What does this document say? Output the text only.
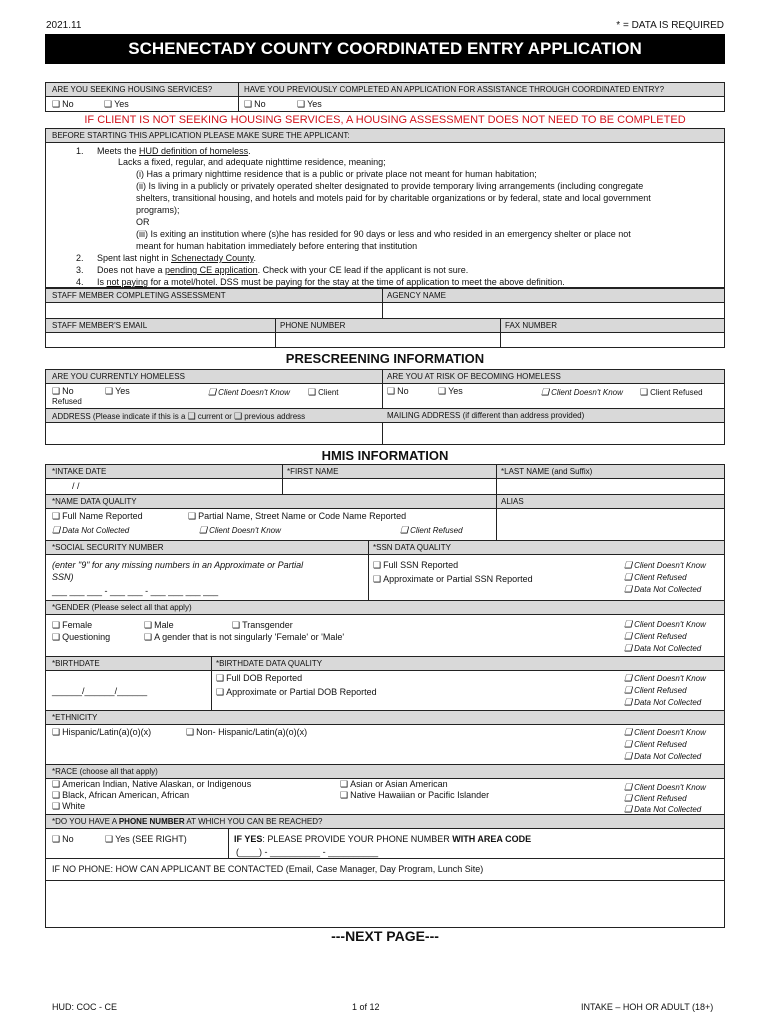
2021.11	* = DATA IS REQUIRED
SCHENECTADY COUNTY COORDINATED ENTRY APPLICATION
ARE YOU SEEKING HOUSING SERVICES?	HAVE YOU PREVIOUSLY COMPLETED AN APPLICATION FOR ASSISTANCE THROUGH COORDINATED ENTRY?
❑ No	❑ Yes	❑ No	❑ Yes
IF CLIENT IS NOT SEEKING HOUSING SERVICES, A HOUSING ASSESSMENT DOES NOT NEED TO BE COMPLETED
BEFORE STARTING THIS APPLICATION PLEASE MAKE SURE THE APPLICANT:
1. Meets the HUD definition of homeless.
Lacks a fixed, regular, and adequate nighttime residence, meaning;
(i) Has a primary nighttime residence that is a public or private place not meant for human habitation;
(ii) Is living in a publicly or privately operated shelter designated to provide temporary living arrangements (including congregate
shelters, transitional housing, and hotels and motels paid for by charitable organizations or by federal, state and local government
programs);
OR
(iii) Is exiting an institution where (s)he has resided for 90 days or less and who resided in an emergency shelter or place not
meant for human habitation immediately before entering that institution
2. Spent last night in Schenectady County.
3. Does not have a pending CE application. Check with your CE lead if the applicant is not sure.
4. Is not paying for a motel/hotel. DSS must be paying for the stay at the time of application to meet the above definition.
STAFF MEMBER COMPLETING ASSESSMENT	AGENCY NAME
STAFF MEMBER'S EMAIL	PHONE NUMBER	FAX NUMBER
PRESCREENING INFORMATION
ARE YOU CURRENTLY HOMELESS	ARE YOU AT RISK OF BECOMING HOMELESS
❑ No	❑ Yes	❑ Client Doesn't Know	❑ Client
Refused
❑ No	❑ Yes	❑ Client Doesn't Know	❑ Client Refused
ADDRESS (Please indicate if this is a ❑ current or ❑ previous address	MAILING ADDRESS (if different than address provided)
HMIS INFORMATION
*INTAKE DATE	*FIRST NAME	*LAST NAME (and Suffix)
/ /
*NAME DATA QUALITY	ALIAS
❑ Full Name Reported	❑ Partial Name, Street Name or Code Name Reported
❑ Data Not Collected	❑ Client Doesn't Know	❑ Client Refused
*SOCIAL SECURITY NUMBER	*SSN DATA QUALITY
(enter "9" for any missing numbers in an Approximate or Partial
SSN)
___ ___ ___ - ___ ___ - ___ ___ ___ ___
❑ Full SSN Reported
❑ Approximate or Partial SSN Reported
❑ Client Doesn't Know
❑ Client Refused
❑ Data Not Collected
*GENDER (Please select all that apply)
❑ Female	❑ Male	❑ Transgender
❑ Questioning	❑ A gender that is not singularly 'Female' or 'Male'
❑ Client Doesn't Know
❑ Client Refused
❑ Data Not Collected
*BIRTHDATE	*BIRTHDATE DATA QUALITY
______/______/______
❑ Full DOB Reported
❑ Approximate or Partial DOB Reported
❑ Client Doesn't Know
❑ Client Refused
❑ Data Not Collected
*ETHNICITY
❑ Hispanic/Latin(a)(o)(x)	❑ Non- Hispanic/Latin(a)(o)(x)	❑ Client Doesn't Know
❑ Client Refused
❑ Data Not Collected
*RACE (choose all that apply)
❑ American Indian, Native Alaskan, or Indigenous
❑ Black, African American, African
❑ White
❑ Asian or Asian American
❑ Native Hawaiian or Pacific Islander
❑ Client Doesn't Know
❑ Client Refused
❑ Data Not Collected
*DO YOU HAVE A PHONE NUMBER AT WHICH YOU CAN BE REACHED?
❑ No	❑ Yes (SEE RIGHT)	IF YES: PLEASE PROVIDE YOUR PHONE NUMBER WITH AREA CODE
(____) - __________ - __________
IF NO PHONE: HOW CAN APPLICANT BE CONTACTED (Email, Case Manager, Day Program, Lunch Site)
---NEXT PAGE---
HUD: COC - CE	1 of 12	INTAKE – HOH OR ADULT (18+)
